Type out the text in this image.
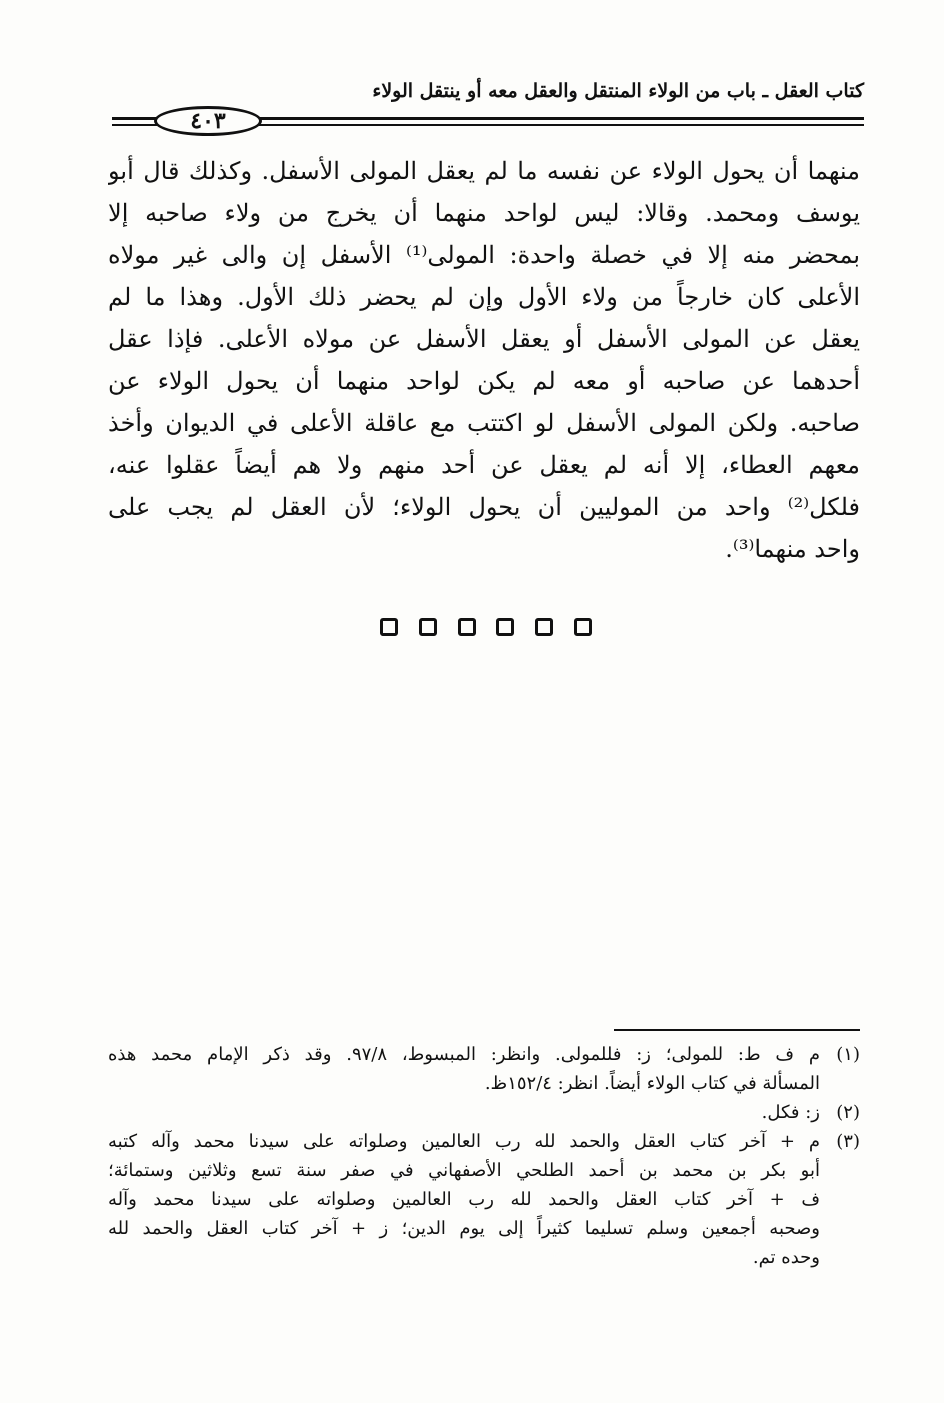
كتاب العقل ـ باب من الولاء المنتقل والعقل معه أو ينتقل الولاء
٤٠٣
منهما أن يحول الولاء عن نفسه ما لم يعقل المولى الأسفل. وكذلك قال أبو
يوسف ومحمد. وقالا: ليس لواحد منهما أن يخرج من ولاء صاحبه إلا
بمحضر منه إلا في خصلة واحدة: المولى⁽¹⁾ الأسفل إن والى غير مولاه
الأعلى كان خارجاً من ولاء الأول وإن لم يحضر ذلك الأول. وهذا ما لم
يعقل عن المولى الأسفل أو يعقل الأسفل عن مولاه الأعلى. فإذا عقل
أحدهما عن صاحبه أو معه لم يكن لواحد منهما أن يحول الولاء عن
صاحبه. ولكن المولى الأسفل لو اكتتب مع عاقلة الأعلى في الديوان وأخذ
معهم العطاء، إلا أنه لم يعقل عن أحد منهم ولا هم أيضاً عقلوا عنه،
فلكل⁽²⁾ واحد من الموليين أن يحول الولاء؛ لأن العقل لم يجب على
واحد منهما⁽³⁾.
(١)
م ف ط: للمولى؛ ز: فللمولى. وانظر: المبسوط، ٩٧/٨. وقد ذكر الإمام محمد هذه
المسألة في كتاب الولاء أيضاً. انظر: ١٥٢/٤ظ.
(٢)
ز: فكل.
(٣)
م + آخر كتاب العقل والحمد لله رب العالمين وصلواته على سيدنا محمد وآله كتبه
أبو بكر بن محمد بن أحمد الطلحي الأصفهاني في صفر سنة تسع وثلاثين وستمائة؛
ف + آخر كتاب العقل والحمد لله رب العالمين وصلواته على سيدنا محمد وآله
وصحبه أجمعين وسلم تسليما كثيراً إلى يوم الدين؛ ز + آخر كتاب العقل والحمد لله
وحده تم.
